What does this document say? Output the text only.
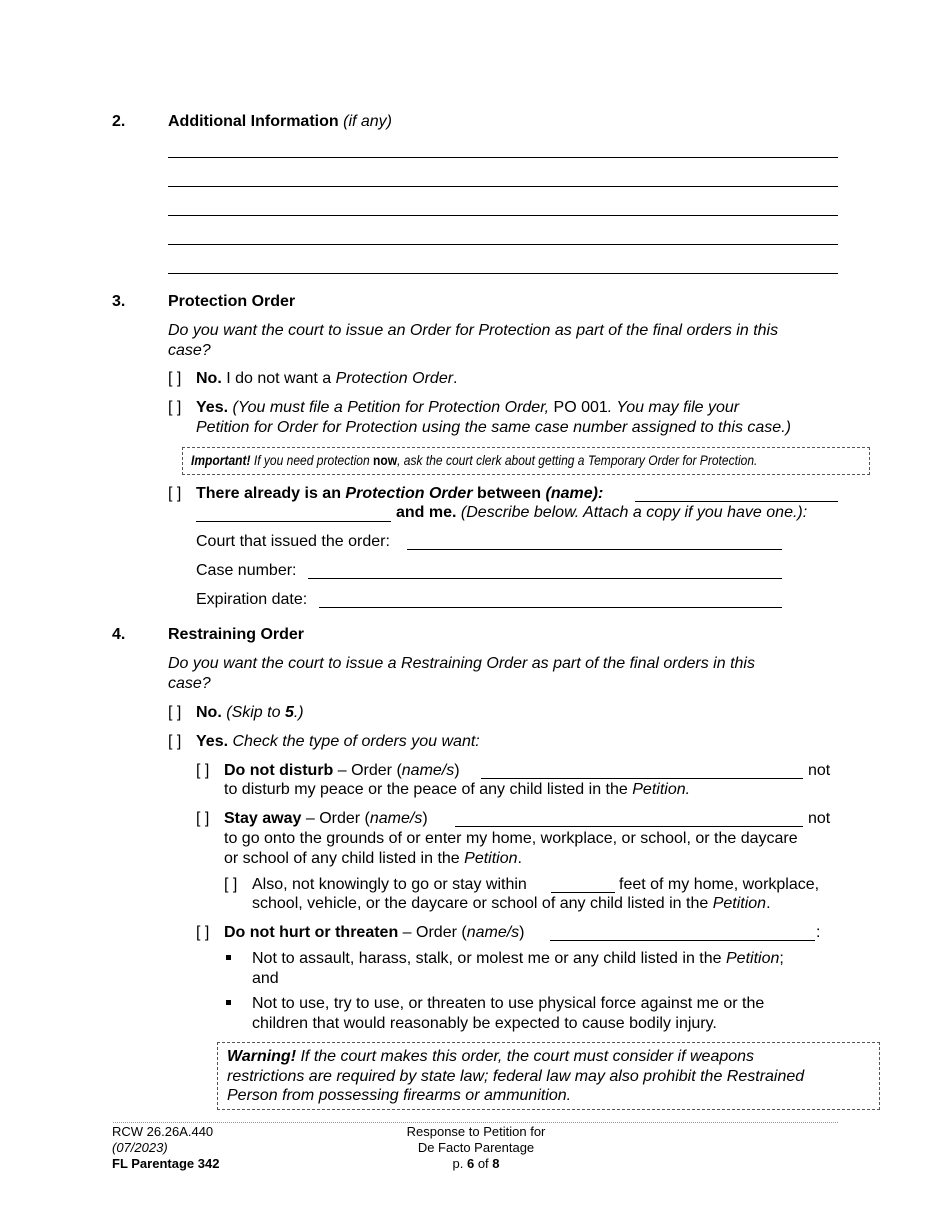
2.	Additional Information (if any)
3.	Protection Order
Do you want the court to issue an Order for Protection as part of the final orders in this
case?
[ ] No. I do not want a Protection Order.
[ ] Yes. (You must file a Petition for Protection Order, PO 001. You may file your
Petition for Order for Protection using the same case number assigned to this case.)
Important! If you need protection now, ask the court clerk about getting a Temporary Order for Protection.
[ ] There already is an Protection Order between (name):
and me. (Describe below. Attach a copy if you have one.):
Court that issued the order:
Case number:
Expiration date:
4.	Restraining Order
Do you want the court to issue a Restraining Order as part of the final orders in this
case?
[ ] No. (Skip to 5.)
[ ] Yes. Check the type of orders you want:
[ ] Do not disturb – Order (name/s)	not
to disturb my peace or the peace of any child listed in the Petition.
[ ] Stay away – Order (name/s)	not
to go onto the grounds of or enter my home, workplace, or school, or the daycare
or school of any child listed in the Petition.
[ ] Also, not knowingly to go or stay within	feet of my home, workplace,
school, vehicle, or the daycare or school of any child listed in the Petition.
[ ] Do not hurt or threaten – Order (name/s)	:
Not to assault, harass, stalk, or molest me or any child listed in the Petition;
and
Not to use, try to use, or threaten to use physical force against me or the
children that would reasonably be expected to cause bodily injury.
Warning! If the court makes this order, the court must consider if weapons
restrictions are required by state law; federal law may also prohibit the Restrained
Person from possessing firearms or ammunition.
RCW 26.26A.440
(07/2023)
FL Parentage 342
Response to Petition for
De Facto Parentage
p. 6 of 8
